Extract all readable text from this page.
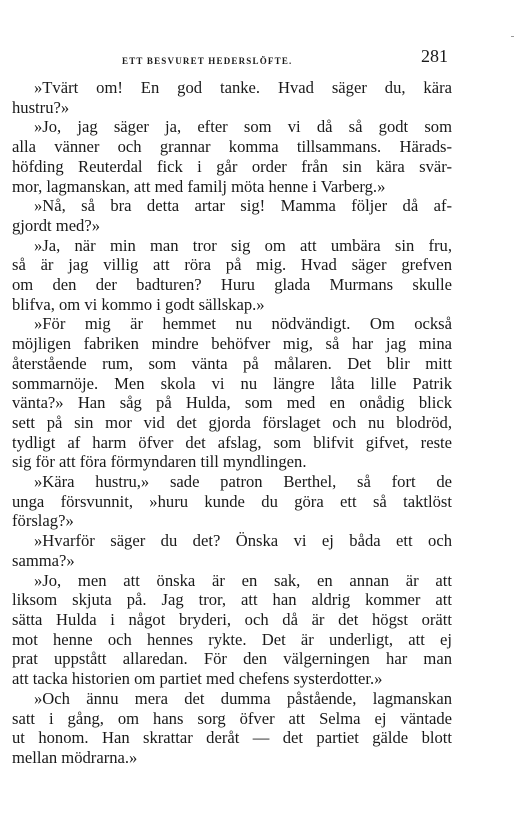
ETT BESVURET HEDERSLÖFTE.	281

»Tvärt om! En god tanke. Hvad säger du, kära
hustru?»

»Jo, jag säger ja, efter som vi då så godt som
alla vänner och grannar komma tillsammans. Härads-
höfding Reuterdal fick i går order från sin kära svär-
mor, lagmanskan, att med familj möta henne i Varberg.»

»Nå, så bra detta artar sig! Mamma följer då af-
gjordt med?»

»Ja, när min man tror sig om att umbära sin fru,
så är jag villig att röra på mig. Hvad säger grefven
om den der badturen? Huru glada Murmans skulle
blifva, om vi kommo i godt sällskap.»

»För mig är hemmet nu nödvändigt. Om också
möjligen fabriken mindre behöfver mig, så har jag mina
återstående rum, som vänta på målaren. Det blir mitt
sommarnöje. Men skola vi nu längre låta lille Patrik
vänta?» Han såg på Hulda, som med en onådig blick
sett på sin mor vid det gjorda förslaget och nu blodröd,
tydligt af harm öfver det afslag, som blifvit gifvet, reste
sig för att föra förmyndaren till myndlingen.

»Kära hustru,» sade patron Berthel, så fort de
unga försvunnit, »huru kunde du göra ett så taktlöst
förslag?»

»Hvarför säger du det? Önska vi ej båda ett och
samma?»

»Jo, men att önska är en sak, en annan är att
liksom skjuta på. Jag tror, att han aldrig kommer att
sätta Hulda i något bryderi, och då är det högst orätt
mot henne och hennes rykte. Det är underligt, att ej
prat uppstått allaredan. För den välgerningen har man
att tacka historien om partiet med chefens systerdotter.»

»Och ännu mera det dumma påstående, lagmanskan
satt i gång, om hans sorg öfver att Selma ej väntade
ut honom. Han skrattar deråt — det partiet gälde blott
mellan mödrarna.»
